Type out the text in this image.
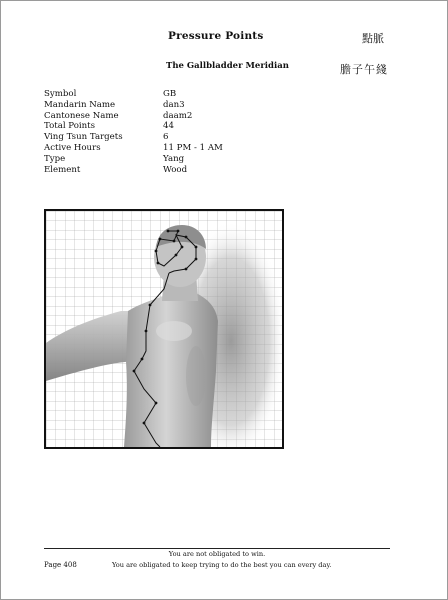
Pressure Points	點脈
The Gallbladder Meridian	膽子午綫
Symbol	GB
Mandarin Name	dan3
Cantonese Name	daam2
Total Points	44
Ving Tsun Targets	6
Active Hours	11 PM - 1 AM
Type	Yang
Element	Wood
You are not obligated to win.
Page 408	You are obligated to keep trying to do the best you can every day.
